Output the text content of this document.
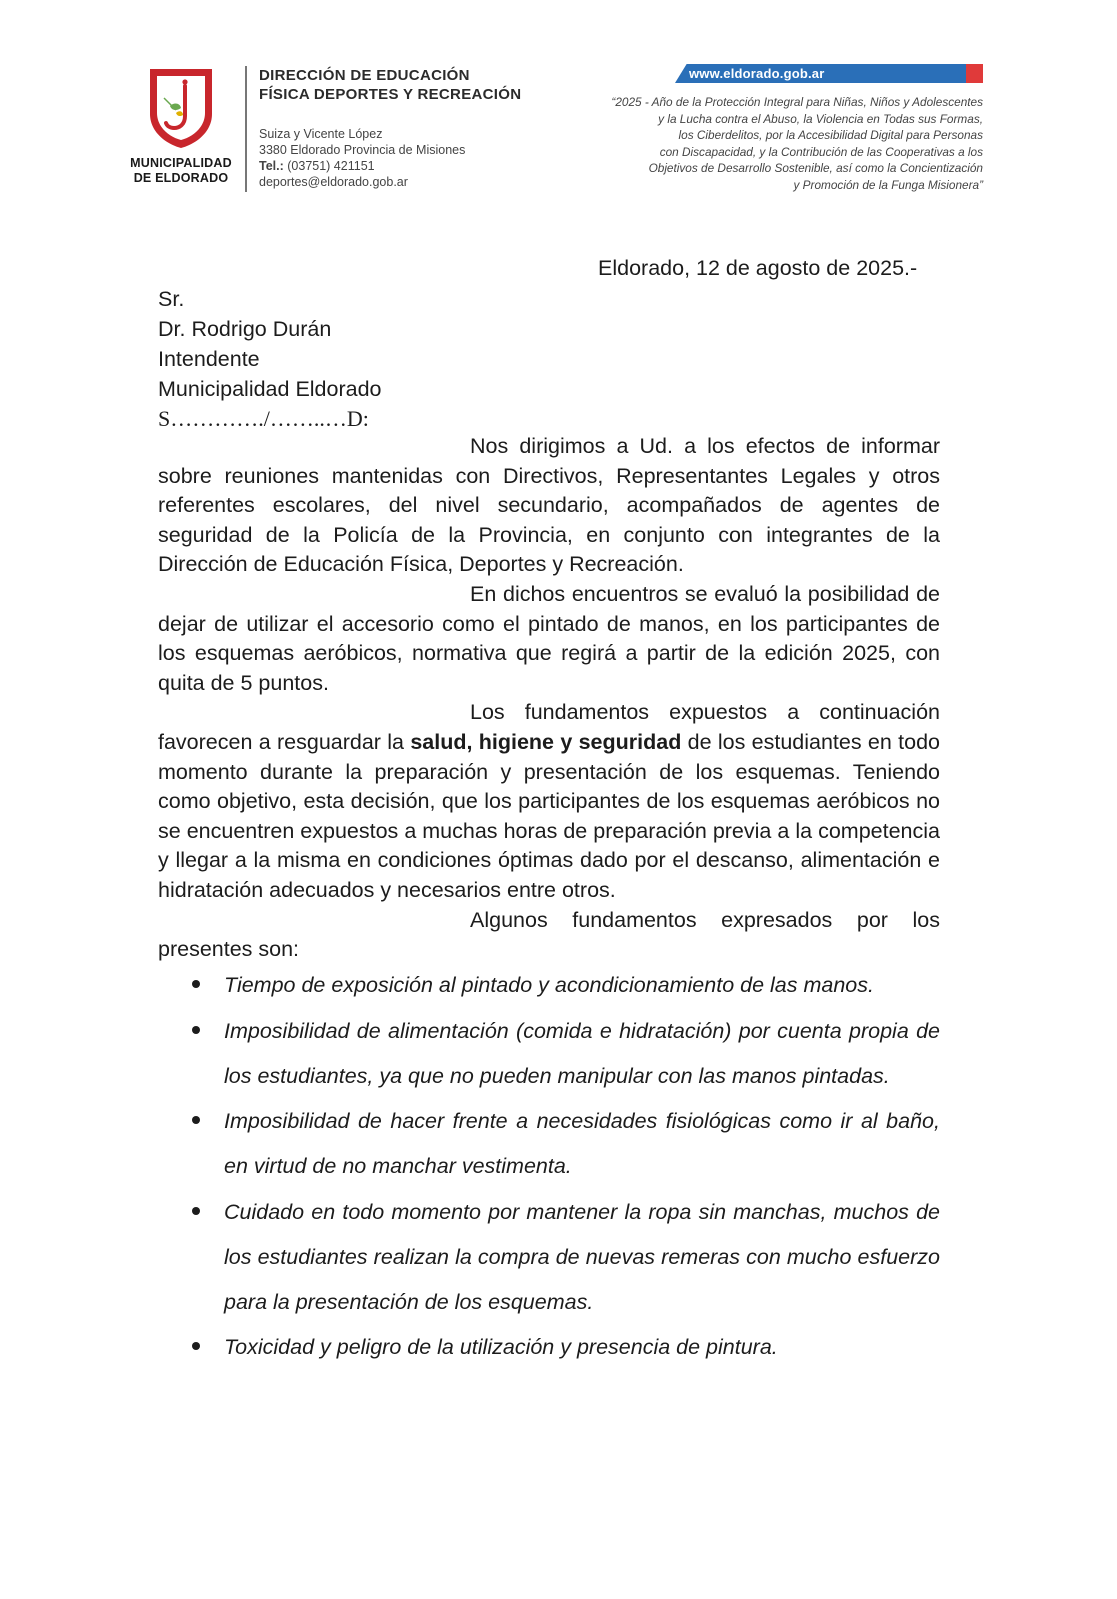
MUNICIPALIDAD
DE ELDORADO
DIRECCIÓN DE EDUCACIÓN
FÍSICA DEPORTES Y RECREACIÓN
Suiza y Vicente López
3380 Eldorado Provincia de Misiones
Tel.: (03751) 421151
deportes@eldorado.gob.ar
www.eldorado.gob.ar
“2025 - Año de la Protección Integral para Niñas, Niños y Adolescentes
y la Lucha contra el Abuso, la Violencia en Todas sus Formas,
los Ciberdelitos, por la Accesibilidad Digital para Personas
con Discapacidad, y la Contribución de las Cooperativas a los
Objetivos de Desarrollo Sostenible, así como la Concientización
y Promoción de la Funga Misionera”
Eldorado, 12 de agosto de 2025.-
Sr.
Dr. Rodrigo Durán
Intendente
Municipalidad Eldorado
S…………./……..…D:

Nos dirigimos a Ud. a los efectos de informar sobre reuniones mantenidas con Directivos, Representantes Legales y otros referentes escolares, del nivel secundario, acompañados de agentes de seguridad de la Policía de la Provincia, en conjunto con integrantes de la Dirección de Educación Física, Deportes y Recreación.

En dichos encuentros se evaluó la posibilidad de dejar de utilizar el accesorio como el pintado de manos, en los participantes de los esquemas aeróbicos, normativa que regirá a partir de la edición 2025, con quita de 5 puntos.

Los fundamentos expuestos a continuación favorecen a resguardar la salud, higiene y seguridad de los estudiantes en todo momento durante la preparación y presentación de los esquemas. Teniendo como objetivo, esta decisión, que los participantes de los esquemas aeróbicos no se encuentren expuestos a muchas horas de preparación previa a la competencia y llegar a la misma en condiciones óptimas dado por el descanso, alimentación e hidratación adecuados y necesarios entre otros.

Algunos fundamentos expresados por los presentes son:

Tiempo de exposición al pintado y acondicionamiento de las manos.
Imposibilidad de alimentación (comida e hidratación) por cuenta propia de los estudiantes, ya que no pueden manipular con las manos pintadas.
Imposibilidad de hacer frente a necesidades fisiológicas como ir al baño, en virtud de no manchar vestimenta.
Cuidado en todo momento por mantener la ropa sin manchas, muchos de los estudiantes realizan la compra de nuevas remeras con mucho esfuerzo para la presentación de los esquemas.
Toxicidad y peligro de la utilización y presencia de pintura.
